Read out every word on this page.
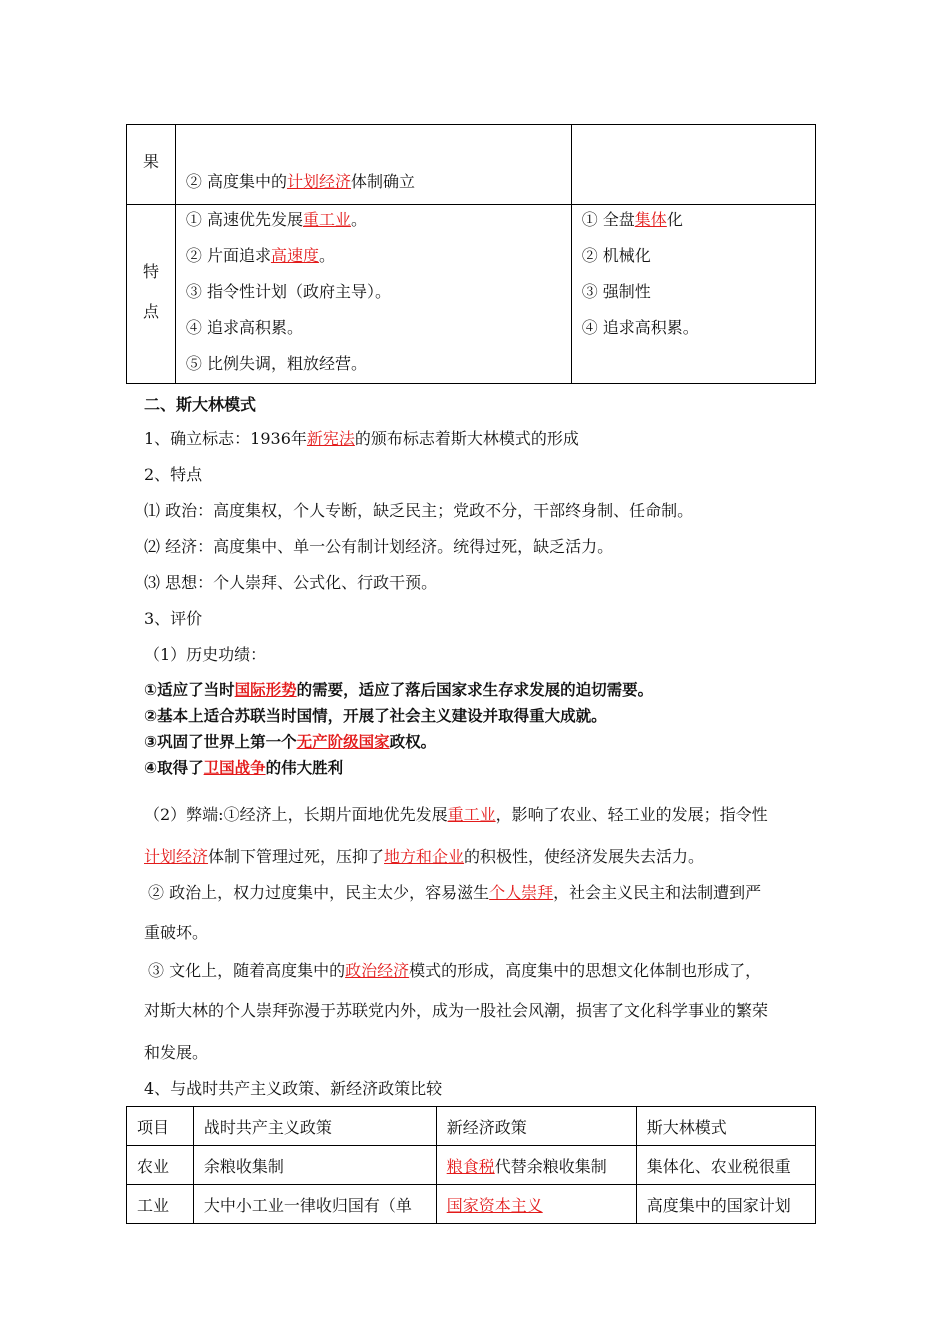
果	② 高度集中的计划经济体制确立	

特
点	① 高速优先发展重工业。
② 片面追求高速度。
③ 指令性计划（政府主导）。
④ 追求高积累。
⑤ 比例失调，粗放经营。	① 全盘集体化
② 机械化
③ 强制性
④ 追求高积累。
二、斯大林模式
1、确立标志：1936年新宪法的颁布标志着斯大林模式的形成
2、特点
⑴ 政治：高度集权，个人专断，缺乏民主；党政不分，干部终身制、任命制。
⑵ 经济：高度集中、单一公有制计划经济。统得过死，缺乏活力。
⑶ 思想：个人崇拜、公式化、行政干预。
3、评价
（1）历史功绩：
①适应了当时国际形势的需要，适应了落后国家求生存求发展的迫切需要。
②基本上适合苏联当时国情，开展了社会主义建设并取得重大成就。
③巩固了世界上第一个无产阶级国家政权。
④取得了卫国战争的伟大胜利
（2）弊端:①经济上，长期片面地优先发展重工业，影响了农业、轻工业的发展；指令性
计划经济体制下管理过死，压抑了地方和企业的积极性，使经济发展失去活力。
② 政治上，权力过度集中，民主太少，容易滋生个人崇拜，社会主义民主和法制遭到严
重破坏。
③ 文化上，随着高度集中的政治经济模式的形成，高度集中的思想文化体制也形成了，
对斯大林的个人崇拜弥漫于苏联党内外，成为一股社会风潮，损害了文化科学事业的繁荣
和发展。
4、与战时共产主义政策、新经济政策比较
项目	战时共产主义政策	新经济政策	斯大林模式
农业	余粮收集制	粮食税代替余粮收集制	集体化、农业税很重
工业	大中小工业一律收归国有（单	国家资本主义	高度集中的国家计划
